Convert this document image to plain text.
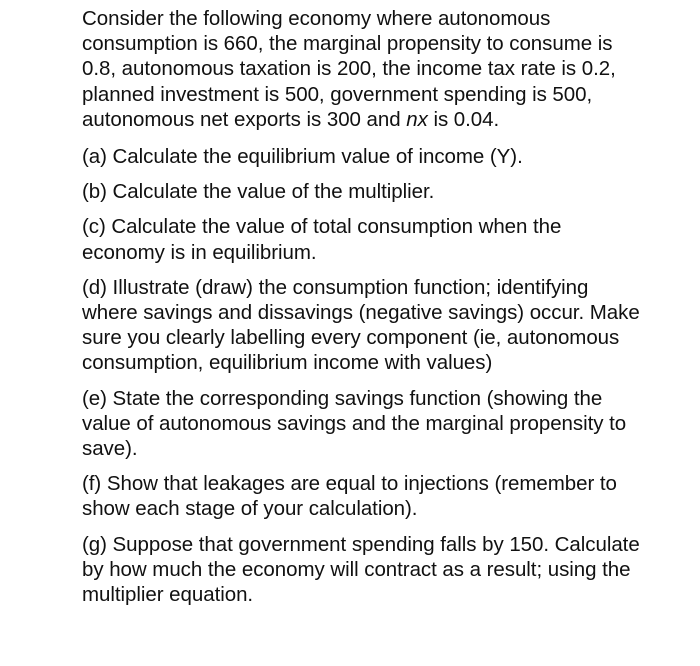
Consider the following economy where autonomous consumption is 660, the marginal propensity to consume is 0.8, autonomous taxation is 200, the income tax rate is 0.2, planned investment is 500, government spending is 500, autonomous net exports is 300 and nx is 0.04.

(a) Calculate the equilibrium value of income (Y).

(b) Calculate the value of the multiplier.

(c) Calculate the value of total consumption when the economy is in equilibrium.

(d) Illustrate (draw) the consumption function; identifying where savings and dissavings (negative savings) occur. Make sure you clearly labelling every component (ie, autonomous consumption, equilibrium income with values)

(e) State the corresponding savings function (showing the value of autonomous savings and the marginal propensity to save).

(f) Show that leakages are equal to injections (remember to show each stage of your calculation).

(g) Suppose that government spending falls by 150. Calculate by how much the economy will contract as a result; using the multiplier equation.
